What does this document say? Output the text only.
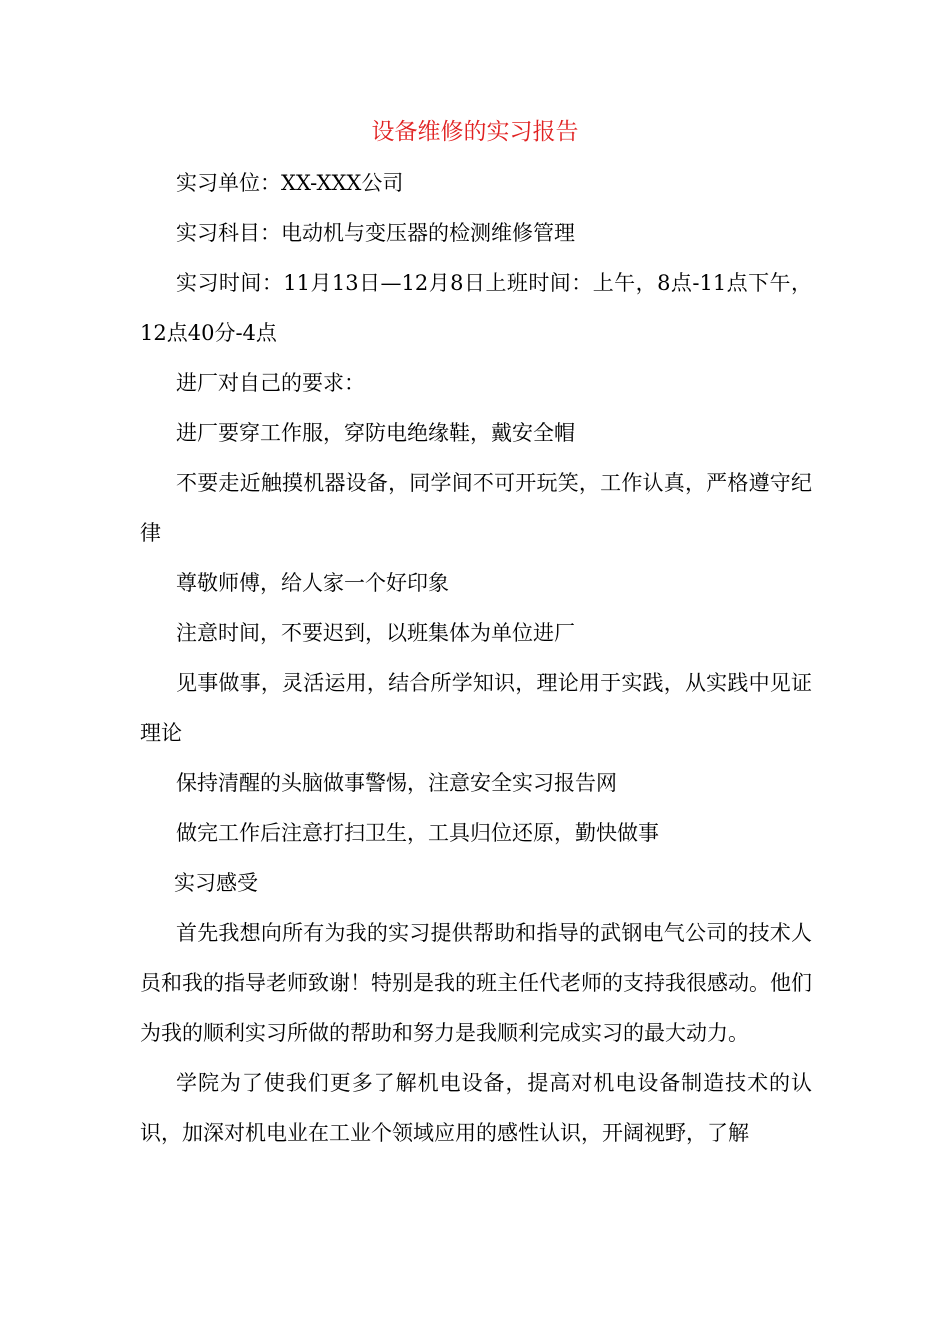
设备维修的实习报告

实习单位：XX-XXX公司

实习科目：电动机与变压器的检测维修管理

实习时间：11月13日—12月8日上班时间：上午，8点-11点下午，12点40分-4点

进厂对自己的要求：

进厂要穿工作服，穿防电绝缘鞋，戴安全帽

不要走近触摸机器设备，同学间不可开玩笑，工作认真，严格遵守纪律

尊敬师傅，给人家一个好印象

注意时间，不要迟到，以班集体为单位进厂

见事做事，灵活运用，结合所学知识，理论用于实践，从实践中见证理论

保持清醒的头脑做事警惕，注意安全实习报告网

做完工作后注意打扫卫生，工具归位还原，勤快做事

实习感受

首先我想向所有为我的实习提供帮助和指导的武钢电气公司的技术人员和我的指导老师致谢！特别是我的班主任代老师的支持我很感动。他们为我的顺利实习所做的帮助和努力是我顺利完成实习的最大动力。

学院为了使我们更多了解机电设备，提高对机电设备制造技术的认识，加深对机电业在工业个领域应用的感性认识，开阔视野，了解
